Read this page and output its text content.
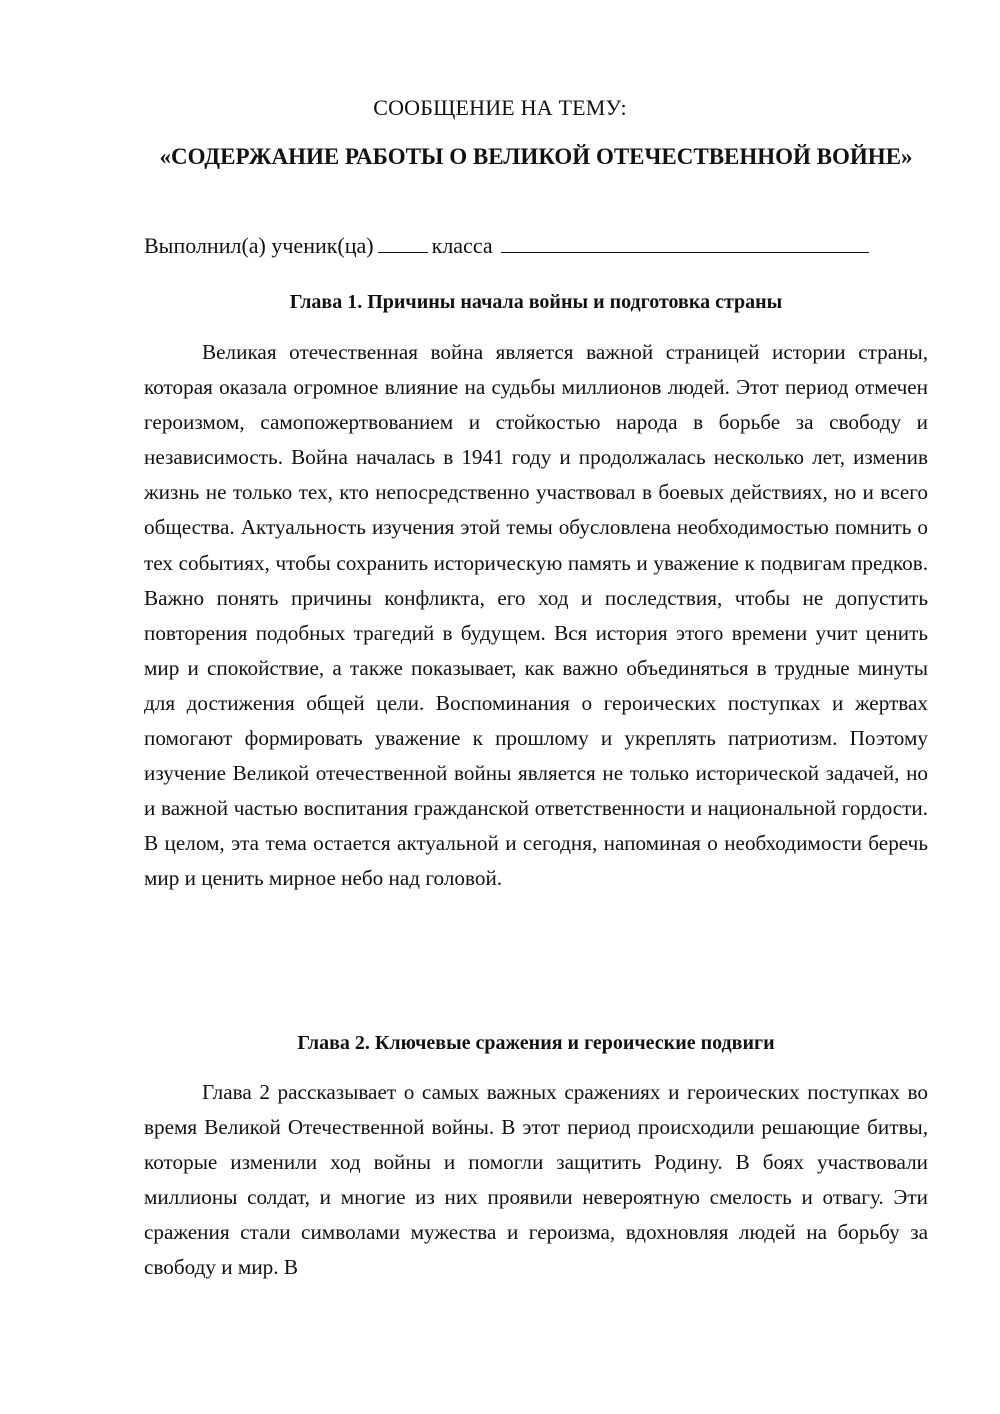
СООБЩЕНИЕ НА ТЕМУ:
«СОДЕРЖАНИЕ РАБОТЫ О ВЕЛИКОЙ ОТЕЧЕСТВЕННОЙ ВОЙНЕ»
Выполнил(а) ученик(ца)	класса
Глава 1. Причины начала войны и подготовка страны
Великая отечественная война является важной страницей истории страны, которая оказала огромное влияние на судьбы миллионов людей. Этот период отмечен героизмом, самопожертвованием и стойкостью народа в борьбе за свободу и независимость. Война началась в 1941 году и продолжалась несколько лет, изменив жизнь не только тех, кто непосредственно участвовал в боевых действиях, но и всего общества. Актуальность изучения этой темы обусловлена необходимостью помнить о тех событиях, чтобы сохранить историческую память и уважение к подвигам предков. Важно понять причины конфликта, его ход и последствия, чтобы не допустить повторения подобных трагедий в будущем. Вся история этого времени учит ценить мир и спокойствие, а также показывает, как важно объединяться в трудные минуты для достижения общей цели. Воспоминания о героических поступках и жертвах помогают формировать уважение к прошлому и укреплять патриотизм. Поэтому изучение Великой отечественной войны является не только исторической задачей, но и важной частью воспитания гражданской ответственности и национальной гордости. В целом, эта тема остается актуальной и сегодня, напоминая о необходимости беречь мир и ценить мирное небо над головой.
Глава 2. Ключевые сражения и героические подвиги
Глава 2 рассказывает о самых важных сражениях и героических поступках во время Великой Отечественной войны. В этот период происходили решающие битвы, которые изменили ход войны и помогли защитить Родину. В боях участвовали миллионы солдат, и многие из них проявили невероятную смелость и отвагу. Эти сражения стали символами мужества и героизма, вдохновляя людей на борьбу за свободу и мир. В
